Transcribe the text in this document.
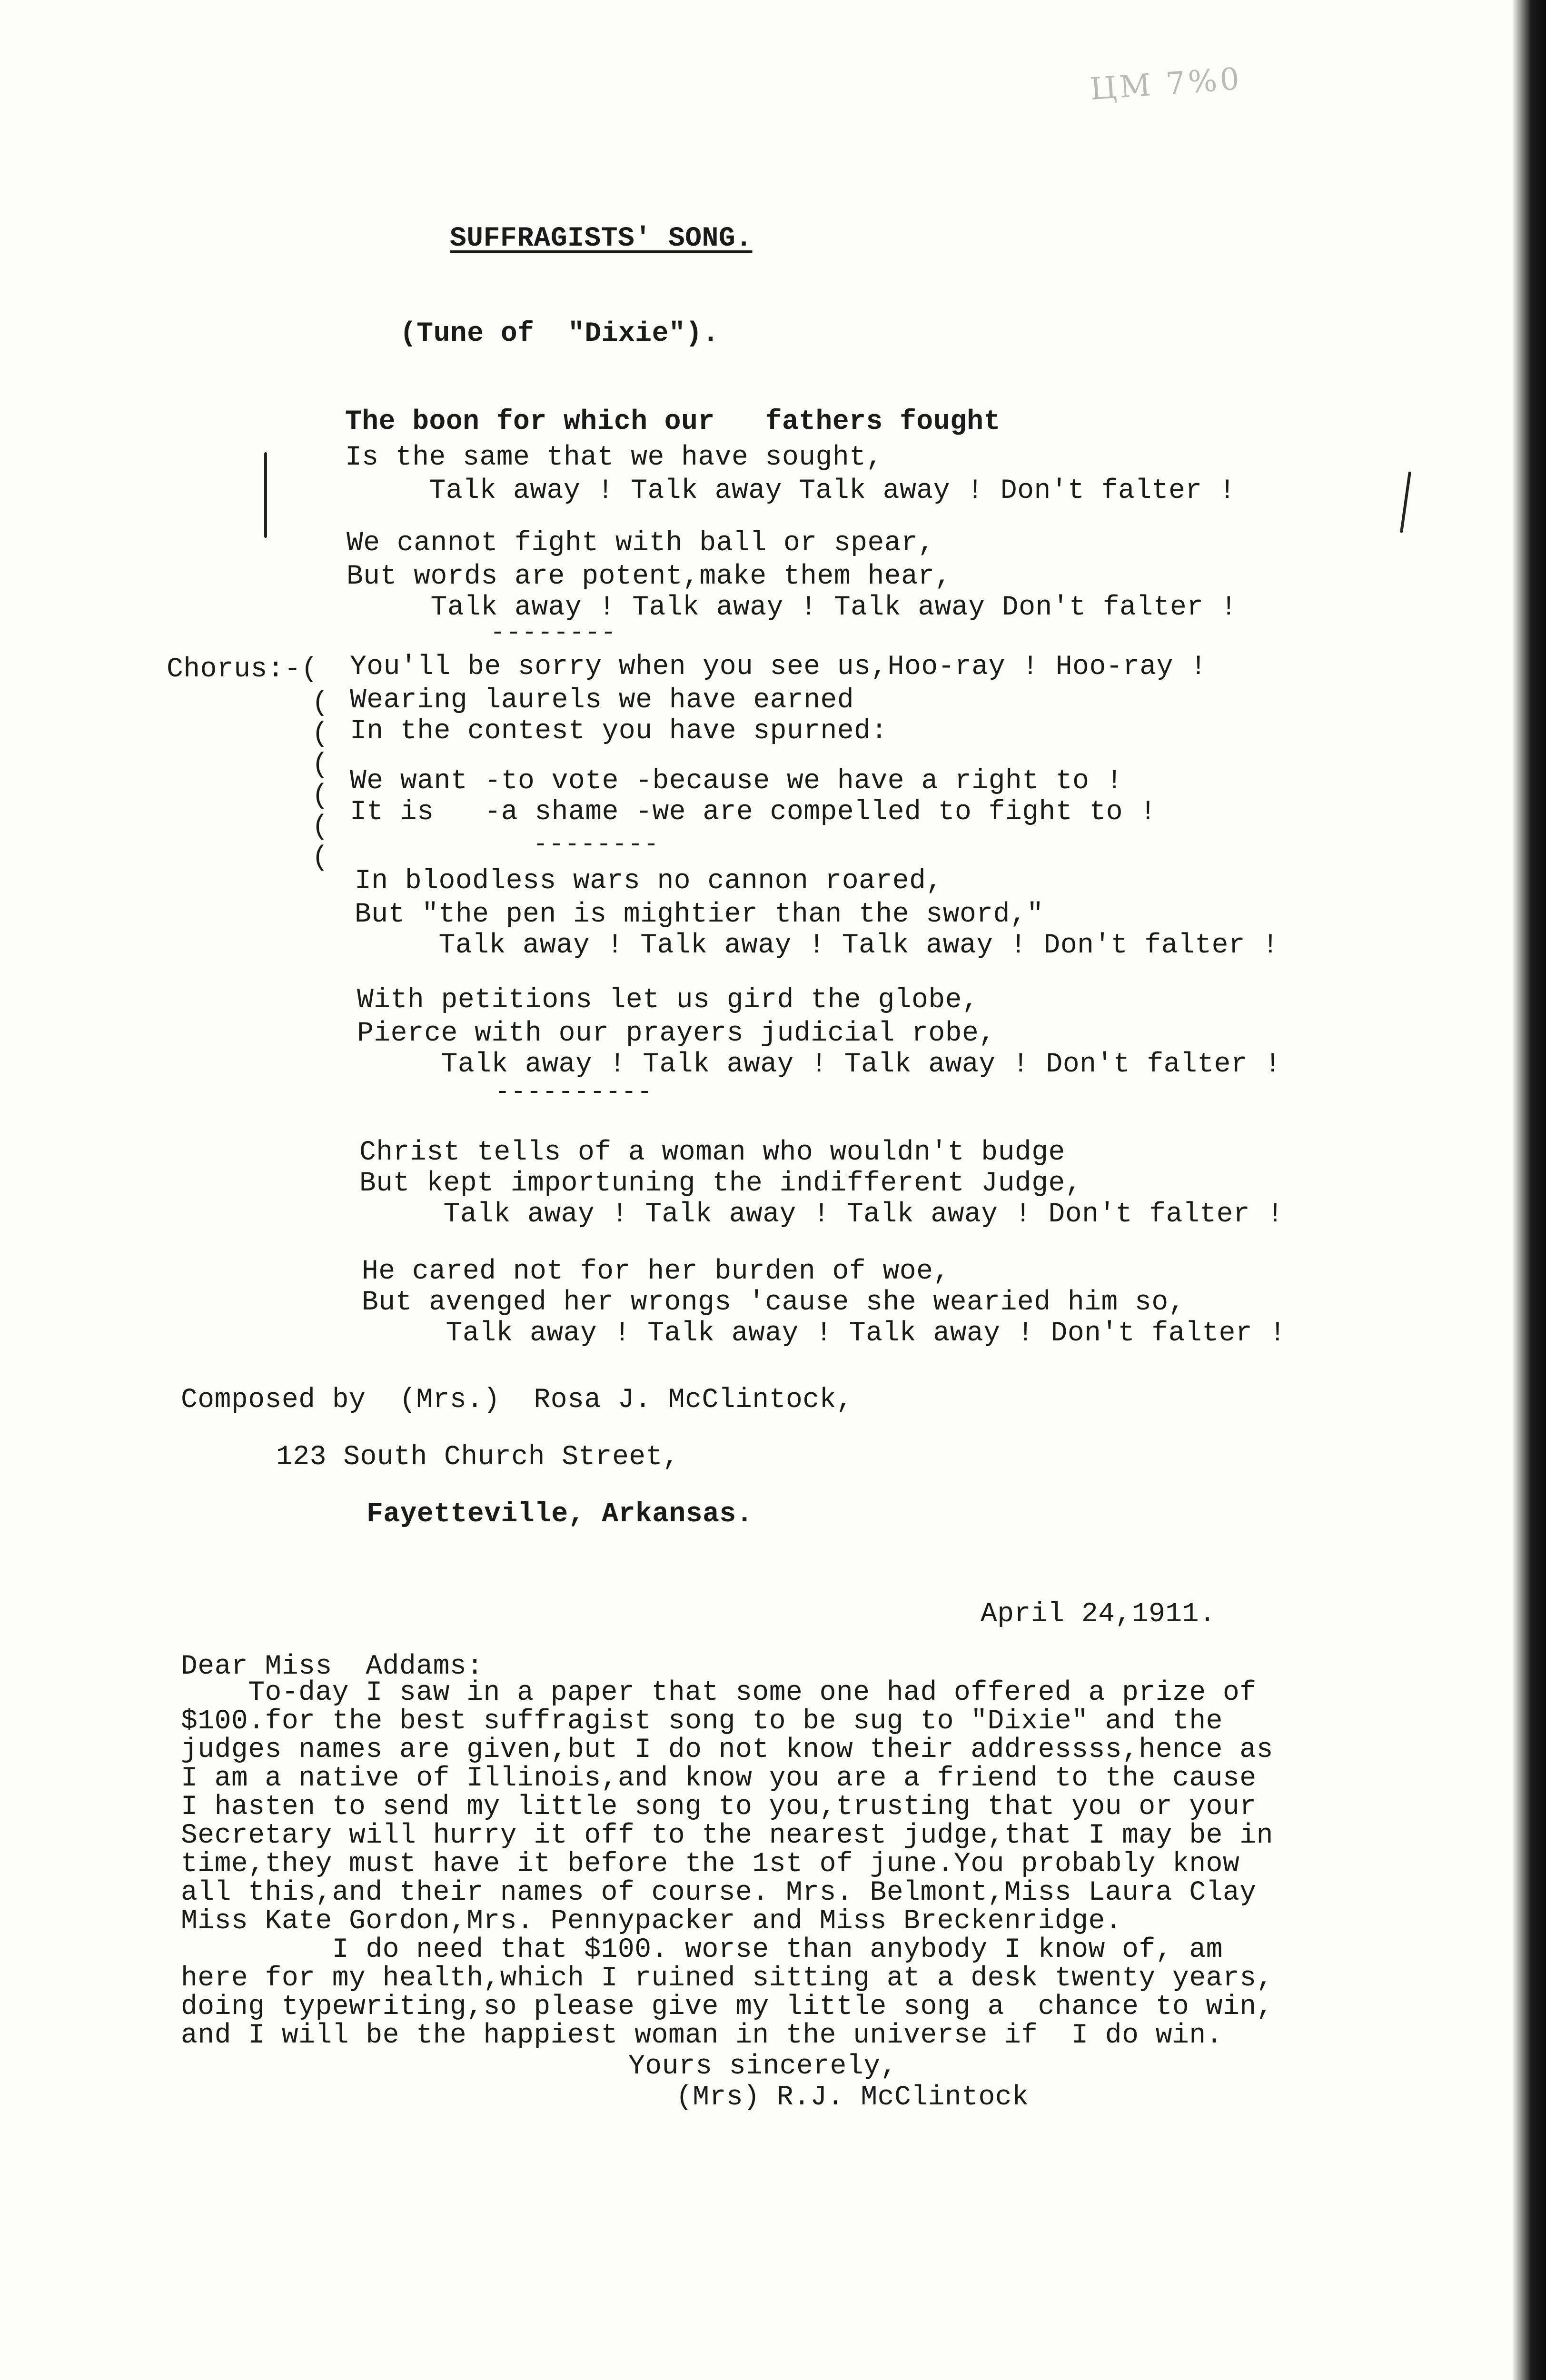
ЦМ 7%0
SUFFRAGISTS' SONG.
(Tune of  "Dixie").
The boon for which our   fathers fought
Is the same that we have sought,
Talk away ! Talk away Talk away ! Don't falter !
We cannot fight with ball or spear,
But words are potent,make them hear,
Talk away ! Talk away ! Talk away Don't falter !
--------
Chorus:-(
(
(
(
(
(
(
You'll be sorry when you see us,Hoo-ray ! Hoo-ray !
Wearing laurels we have earned
In the contest you have spurned:
We want -to vote -because we have a right to !
It is   -a shame -we are compelled to fight to !
--------
In bloodless wars no cannon roared,
But "the pen is mightier than the sword,"
Talk away ! Talk away ! Talk away ! Don't falter !
With petitions let us gird the globe,
Pierce with our prayers judicial robe,
Talk away ! Talk away ! Talk away ! Don't falter !
----------
Christ tells of a woman who wouldn't budge
But kept importuning the indifferent Judge,
Talk away ! Talk away ! Talk away ! Don't falter !
He cared not for her burden of woe,
But avenged her wrongs 'cause she wearied him so,
Talk away ! Talk away ! Talk away ! Don't falter !
Composed by  (Mrs.)  Rosa J. McClintock,
123 South Church Street,
Fayetteville, Arkansas.
April 24,1911.
Dear Miss  Addams:
To-day I saw in a paper that some one had offered a prize of
$100.for the best suffragist song to be sug to "Dixie" and the
judges names are given,but I do not know their addressss,hence as
I am a native of Illinois,and know you are a friend to the cause
I hasten to send my little song to you,trusting that you or your
Secretary will hurry it off to the nearest judge,that I may be in
time,they must have it before the 1st of june.You probably know
all this,and their names of course. Mrs. Belmont,Miss Laura Clay
Miss Kate Gordon,Mrs. Pennypacker and Miss Breckenridge.
I do need that $100. worse than anybody I know of, am
here for my health,which I ruined sitting at a desk twenty years,
doing typewriting,so please give my little song a  chance to win,
and I will be the happiest woman in the universe if  I do win.
Yours sincerely,
(Mrs) R.J. McClintock
